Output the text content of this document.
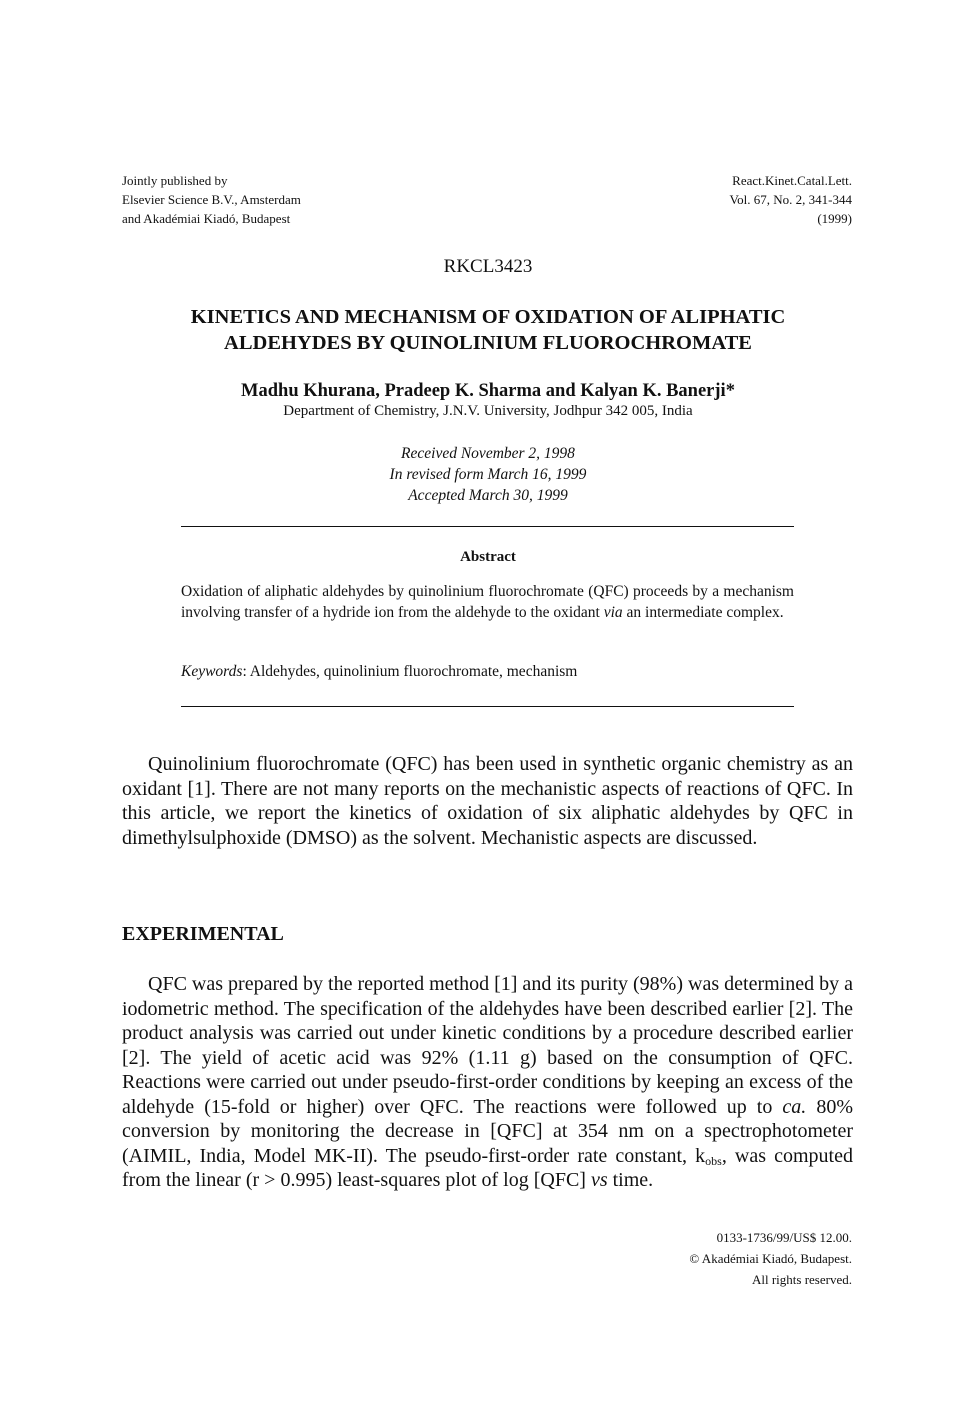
Jointly published by
Elsevier Science B.V., Amsterdam
and Akadémiai Kiadó, Budapest
React.Kinet.Catal.Lett.
Vol. 67, No. 2, 341-344
(1999)
RKCL3423
KINETICS AND MECHANISM OF OXIDATION OF ALIPHATIC
ALDEHYDES BY QUINOLINIUM FLUOROCHROMATE
Madhu Khurana, Pradeep K. Sharma and Kalyan K. Banerji*
Department of Chemistry, J.N.V. University, Jodhpur 342 005, India
Received November 2, 1998
In revised form March 16, 1999
Accepted March 30, 1999
Abstract
Oxidation of aliphatic aldehydes by quinolinium fluorochromate (QFC) proceeds by a mechanism involving transfer of a hydride ion from the aldehyde to the oxidant via an intermediate complex.
Keywords: Aldehydes, quinolinium fluorochromate, mechanism
Quinolinium fluorochromate (QFC) has been used in synthetic organic chemistry as an oxidant [1]. There are not many reports on the mechanistic aspects of reactions of QFC. In this article, we report the kinetics of oxidation of six aliphatic aldehydes by QFC in dimethylsulphoxide (DMSO) as the solvent. Mechanistic aspects are discussed.
EXPERIMENTAL
QFC was prepared by the reported method [1] and its purity (98%) was determined by a iodometric method. The specification of the aldehydes have been described earlier [2]. The product analysis was carried out under kinetic conditions by a procedure described earlier [2]. The yield of acetic acid was 92% (1.11 g) based on the consumption of QFC. Reactions were carried out under pseudo-first-order conditions by keeping an excess of the aldehyde (15-fold or higher) over QFC. The reactions were followed up to ca. 80% conversion by monitoring the decrease in [QFC] at 354 nm on a spectrophotometer (AIMIL, India, Model MK-II). The pseudo-first-order rate constant, $k_{obs}$, was computed from the linear (r > 0.995) least-squares plot of log [QFC] vs time.
0133-1736/99/US$ 12.00.
© Akadémiai Kiadó, Budapest.
All rights reserved.
